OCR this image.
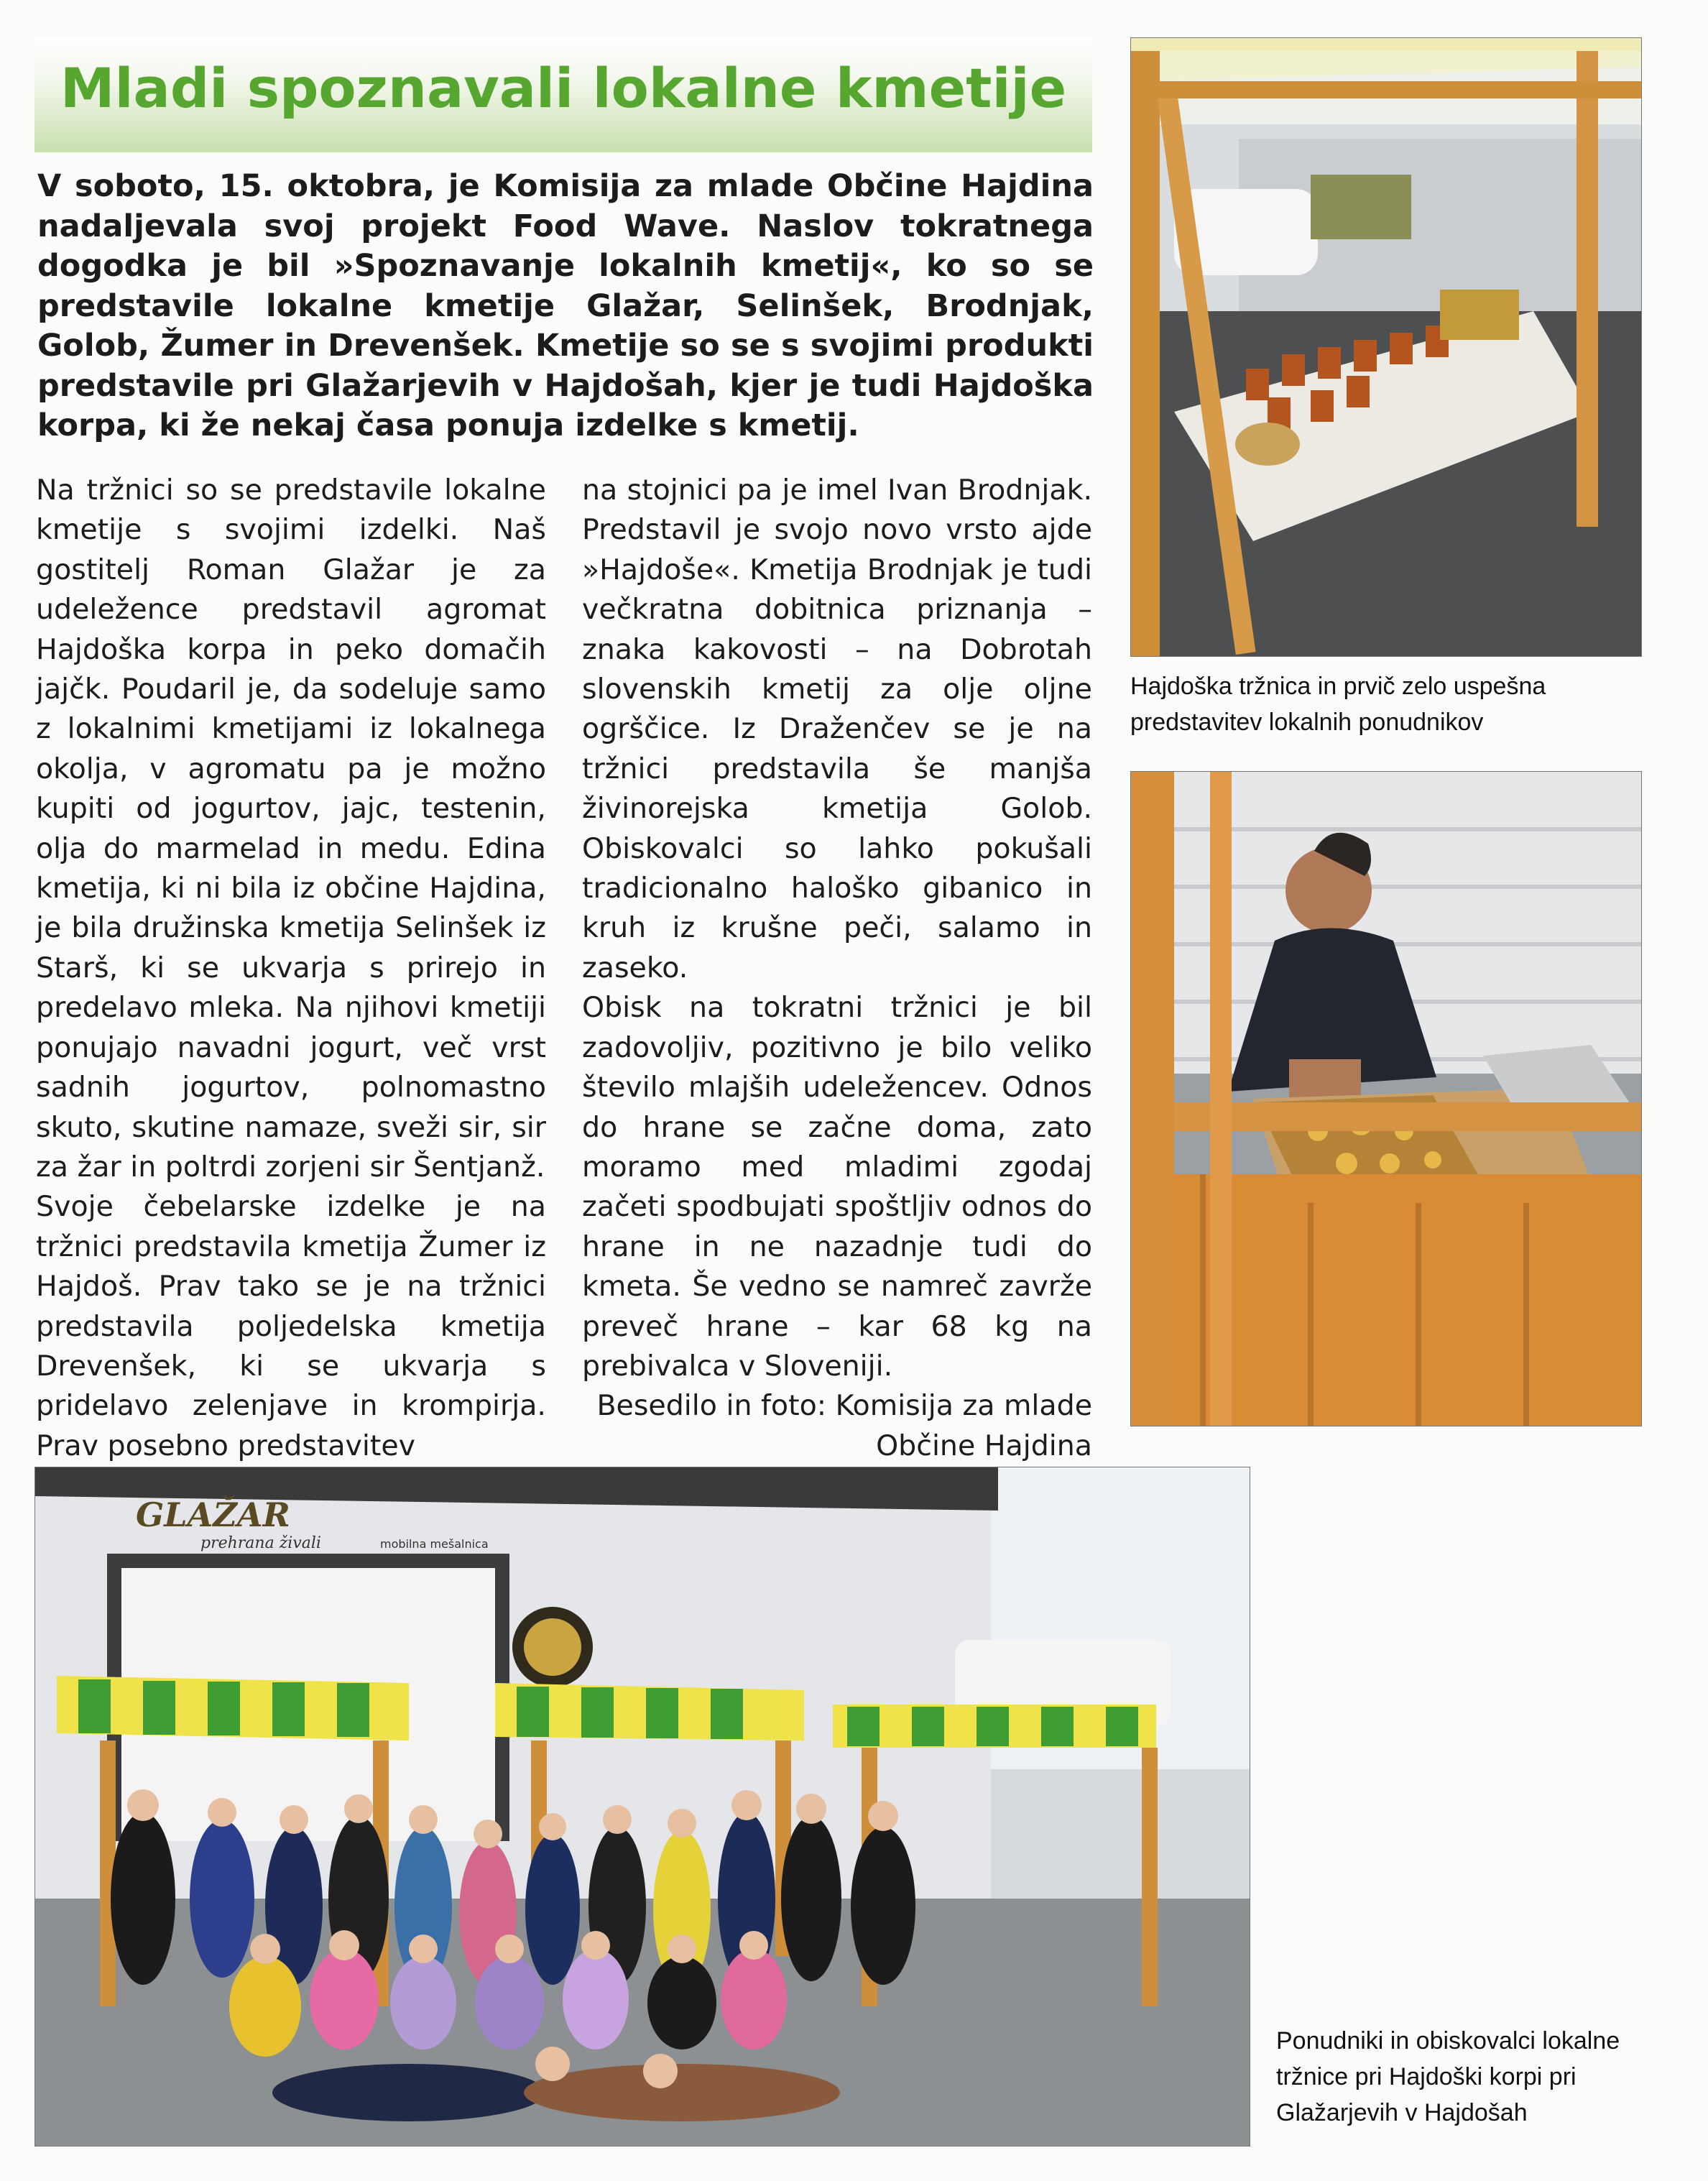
Mladi spoznavali lokalne kmetije

V soboto, 15. oktobra, je Komisija za mlade Občine Hajdina nadaljevala svoj projekt Food Wave. Naslov tokratnega dogodka je bil »Spoznavanje lokalnih kmetij«, ko so se predstavile lokalne kmetije Glažar, Selinšek, Brodnjak, Golob, Žumer in Drevenšek. Kmetije so se s svojimi produkti predstavile pri Glažarjevih v Hajdošah, kjer je tudi Hajdoška korpa, ki že nekaj časa ponuja izdelke s kmetij.

Na tržnici so se predstavile lokalne kmetije s svojimi izdelki. Naš gostitelj Roman Glažar je za udeležence predstavil agromat Hajdoška korpa in peko domačih jajčk. Poudaril je, da sodeluje samo z lokalnimi kmetijami iz lokalnega okolja, v agromatu pa je možno kupiti od jogurtov, jajc, testenin, olja do marmelad in medu. Edina kmetija, ki ni bila iz občine Hajdina, je bila družinska kmetija Selinšek iz Starš, ki se ukvarja s prirejo in predelavo mleka. Na njihovi kmetiji ponujajo navadni jogurt, več vrst sadnih jogurtov, polnomastno skuto, skutine namaze, sveži sir, sir za žar in poltrdi zorjeni sir Šentjanž.

Svoje čebelarske izdelke je na tržnici predstavila kmetija Žumer iz Hajdoš. Prav tako se je na tržnici predstavila poljedelska kmetija Drevenšek, ki se ukvarja s pridelavo zelenjave in krompirja. Prav posebno predstavitev

na stojnici pa je imel Ivan Brodnjak. Predstavil je svojo novo vrsto ajde »Hajdoše«. Kmetija Brodnjak je tudi večkratna dobitnica priznanja – znaka kakovosti – na Dobrotah slovenskih kmetij za olje oljne ogrščice. Iz Draženčev se je na tržnici predstavila še manjša živinorejska kmetija Golob. Obiskovalci so lahko pokušali tradicionalno haloško gibanico in kruh iz krušne peči, salamo in zaseko.

Obisk na tokratni tržnici je bil zadovoljiv, pozitivno je bilo veliko število mlajših udeležencev. Odnos do hrane se začne doma, zato moramo med mladimi zgodaj začeti spodbujati spoštljiv odnos do hrane in ne nazadnje tudi do kmeta. Še vedno se namreč zavrže preveč hrane – kar 68 kg na prebivalca v Sloveniji.

Besedilo in foto: Komisija za mlade Občine Hajdina

Hajdoška tržnica in prvič zelo uspešna predstavitev lokalnih ponudnikov

GLAŽAR
prehrana živali	mobilna mešalnica

Ponudniki in obiskovalci lokalne tržnice pri Hajdoški korpi pri Glažarjevih v Hajdošah
